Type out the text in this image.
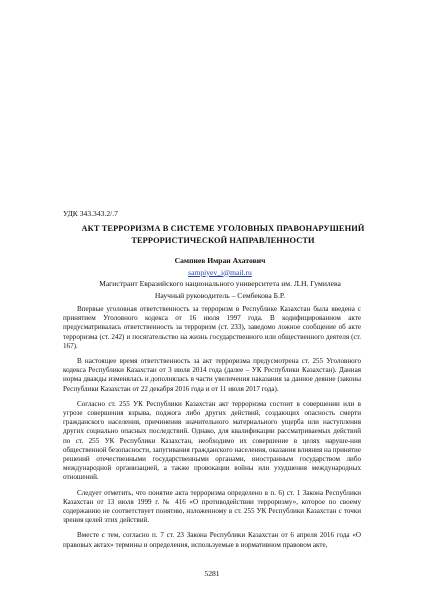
УДК 343.343.2/.7
АКТ ТЕРРОРИЗМА В СИСТЕМЕ УГОЛОВНЫХ ПРАВОНАРУШЕНИЙ
ТЕРРОРИСТИЧЕСКОЙ НАПРАВЛЕННОСТИ
Сампиев Имран Ахатович
sampiyev_i@mail.ru
Магистрант Евразийского национального университета им. Л.Н. Гумилева
Научный руководитель – Сембекова Б.Р.

Впервые уголовная ответственность за терроризм в Республике Казахстан была введена с принятием Уголовного кодекса от 16 июля 1997 года. В кодифицированном акте предусматривалась ответственность за терроризм (ст. 233), заведомо ложное сообщение об акте терроризма (ст. 242) и посягательство на жизнь государственного или общественного деятеля (ст. 167).

В настоящее время ответственность за акт терроризма предусмотрена ст. 255 Уголовного кодекса Республики Казахстан от 3 июля 2014 года (далее – УК Республики Казахстан). Данная норма дважды изменялась и дополнялась в части увеличения наказания за данное деяние (законы Республики Казахстан от 22 декабря 2016 года и от 11 июля 2017 года).

Согласно ст. 255 УК Республики Казахстан акт терроризма состоит в совершении или в угрозе совершения взрыва, поджога либо других действий, создающих опасность смерти гражданского населения, причинения значительного материального ущерба или наступления других социально опасных последствий. Однако, для квалификации рассматриваемых действий по ст. 255 УК Республики Казахстан, необходимо их совершение в целях наруше-ния общественной безопасности, запугивания гражданского населения, оказания влияния на принятие решений отечественными государственными органами, иностранным государством либо международной организацией, а также провокации войны или ухудшения международных отношений.

Следует отметить, что понятие акта терроризма определено в п. 6) ст. 1 Закона Республики Казахстан от 13 июля 1999 г. № 416 «О противодействии терроризму», которое по своему содержанию не соответствует понятию, изложенному в ст. 255 УК Республики Казахстан с точки зрения целей этих действий.

Вместе с тем, согласно п. 7 ст. 23 Закона Республики Казахстан от 6 апреля 2016 года «О правовых актах» термины и определения, используемые в нормативном правовом акте,

5281
